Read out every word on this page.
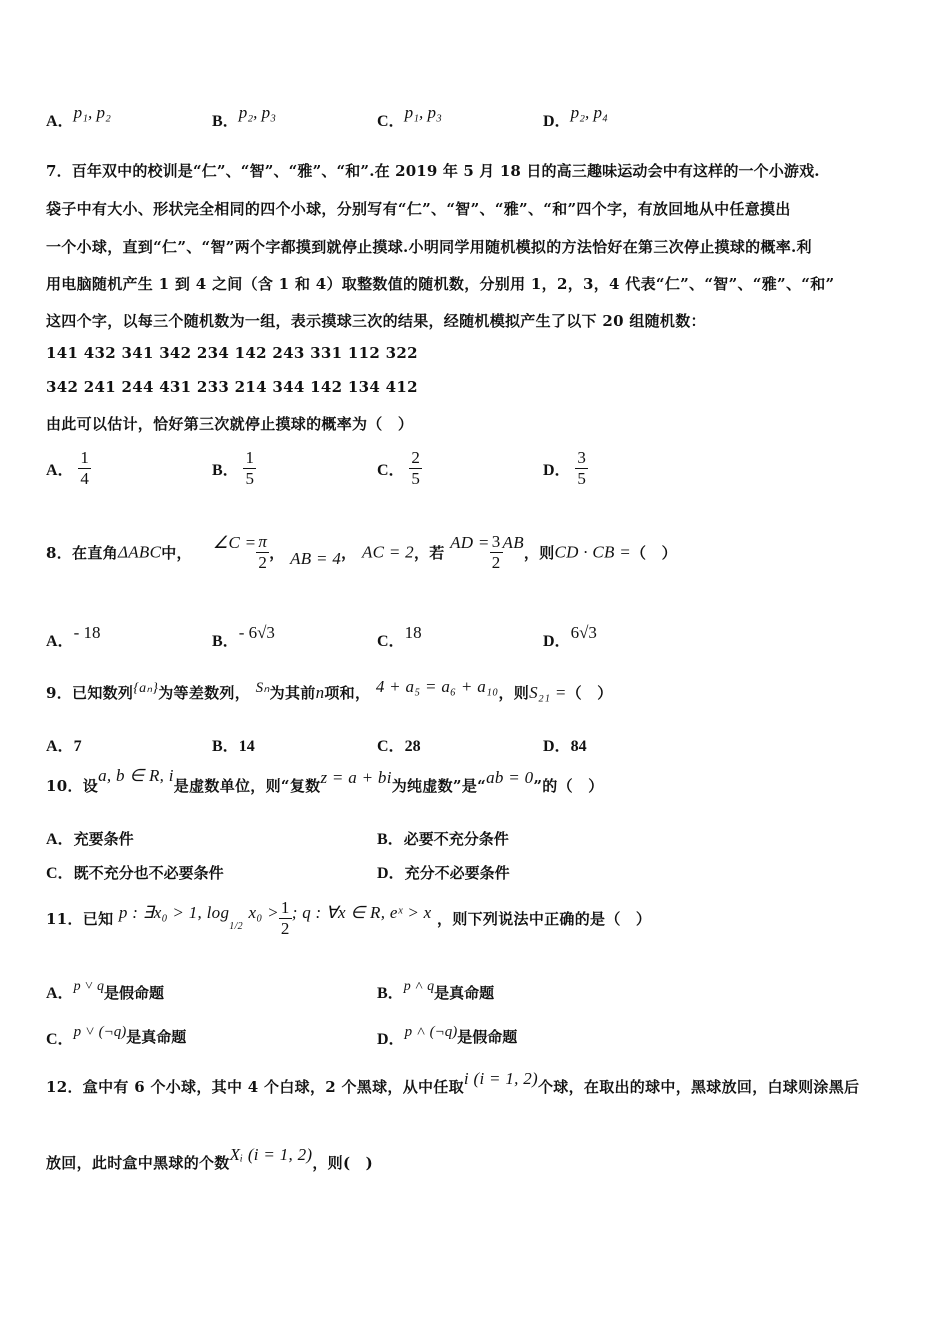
A．p₁, p₂	B．p₂, p₃	C．p₁, p₃	D．p₂, p₄
7．百年双中的校训是“仁”、“智”、“雅”、“和”.在 2019 年 5 月 18 日的高三趣味运动会中有这样的一个小游戏.
袋子中有大小、形状完全相同的四个小球，分别写有“仁”、“智”、“雅”、“和”四个字，有放回地从中任意摸出
一个小球，直到“仁”、“智”两个字都摸到就停止摸球.小明同学用随机模拟的方法恰好在第三次停止摸球的概率.利
用电脑随机产生 1 到 4 之间（含 1 和 4）取整数值的随机数，分别用 1，2，3，4 代表“仁”、“智”、“雅”、“和”
这四个字，以每三个随机数为一组，表示摸球三次的结果，经随机模拟产生了以下 20 组随机数：
141 432 341 342 234 142 243 331 112 322
342 241 244 431 233 214 344 142 134 412
由此可以估计，恰好第三次就停止摸球的概率为（　）
A． $\frac{1}{4}$	B． $\frac{1}{5}$	C． $\frac{2}{5}$	D． $\frac{3}{5}$
8．在直角ΔABC中，  ∠C = $\frac{\pi}{2}$ ， AB = 4， AC = 2，若 AD = $\frac{3}{2}$ AB，则CD · CB =（　）
A．- 18	B．- 6√3	C．18	D．6√3
9．已知数列{aₙ}为等差数列， Sₙ为其前n项和， 4 + a₅ = a₆ + a₁₀，则S₂₁ =（　）
A．7	B．14	C．28	D．84
10．设a, b ∈ R, i是虚数单位，则“复数z = a + bi为纯虚数”是“ab = 0”的（　）
A．充要条件	B．必要不充分条件
C．既不充分也不必要条件	D．充分不必要条件
11．已知 p : ∃x₀ > 1, $\log_{1/2} x_0 > \frac{1}{2}$ ; q : ∀x ∈ R, eˣ > x ，则下列说法中正确的是（　）
A．p ˅ q是假命题	B．p ˄ q是真命题
C．p ˅ (¬q)是真命题	D．p ˄ (¬q)是假命题
12．盒中有 6 个小球，其中 4 个白球，2 个黑球，从中任取i (i = 1, 2)个球，在取出的球中，黑球放回，白球则涂黑后
放回，此时盒中黑球的个数Xᵢ (i = 1, 2)，则(　)
